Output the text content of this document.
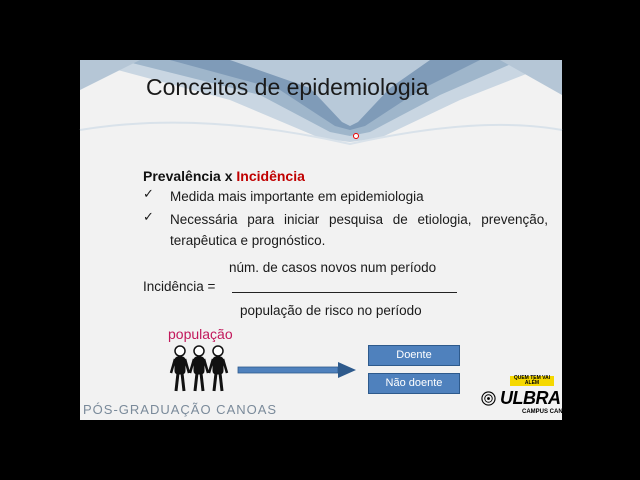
Conceitos de epidemiologia
Prevalência x Incidência
✓	Medida mais importante em epidemiologia
✓	Necessária para iniciar pesquisa de etiologia, prevenção, terapêutica e prognóstico.
núm. de casos novos num período
Incidência =
população de risco no período
população
Doente
Não doente
PÓS-GRADUAÇÃO CANOAS
QUEM TEM VAI ALÉM
ULBRA
CAMPUS CANOAS
